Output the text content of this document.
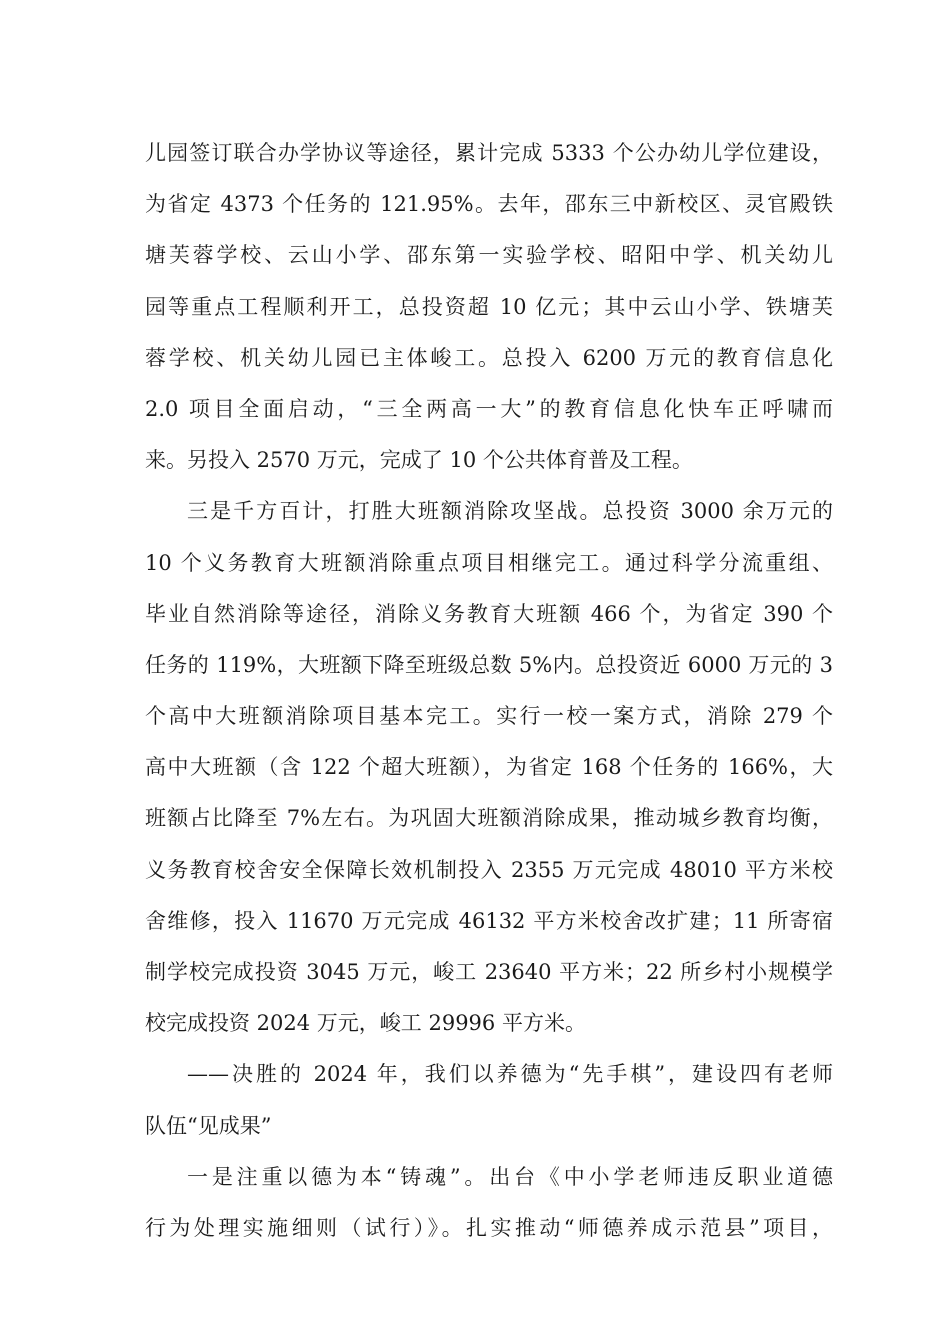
儿园签订联合办学协议等途径，累计完成 5333 个公办幼儿学位建设，
为省定 4373 个任务的 121.95%。去年，邵东三中新校区、灵官殿铁
塘芙蓉学校、云山小学、邵东第一实验学校、昭阳中学、机关幼儿
园等重点工程顺利开工，总投资超 10 亿元；其中云山小学、铁塘芙
蓉学校、机关幼儿园已主体峻工。总投入 6200 万元的教育信息化
2.0 项目全面启动，“三全两高一大”的教育信息化快车正呼啸而
来。另投入 2570 万元，完成了 10 个公共体育普及工程。
三是千方百计，打胜大班额消除攻坚战。总投资 3000 余万元的
10 个义务教育大班额消除重点项目相继完工。通过科学分流重组、
毕业自然消除等途径，消除义务教育大班额 466 个，为省定 390 个
任务的 119%，大班额下降至班级总数 5%内。总投资近 6000 万元的 3
个高中大班额消除项目基本完工。实行一校一案方式，消除 279 个
高中大班额（含 122 个超大班额），为省定 168 个任务的 166%，大
班额占比降至 7%左右。为巩固大班额消除成果，推动城乡教育均衡，
义务教育校舍安全保障长效机制投入 2355 万元完成 48010 平方米校
舍维修，投入 11670 万元完成 46132 平方米校舍改扩建；11 所寄宿
制学校完成投资 3045 万元，峻工 23640 平方米；22 所乡村小规模学
校完成投资 2024 万元，峻工 29996 平方米。
——决胜的 2024 年，我们以养德为“先手棋”，建设四有老师
队伍“见成果”
一是注重以德为本“铸魂”。出台《中小学老师违反职业道德
行为处理实施细则（试行）》。扎实推动“师德养成示范县”项目，
